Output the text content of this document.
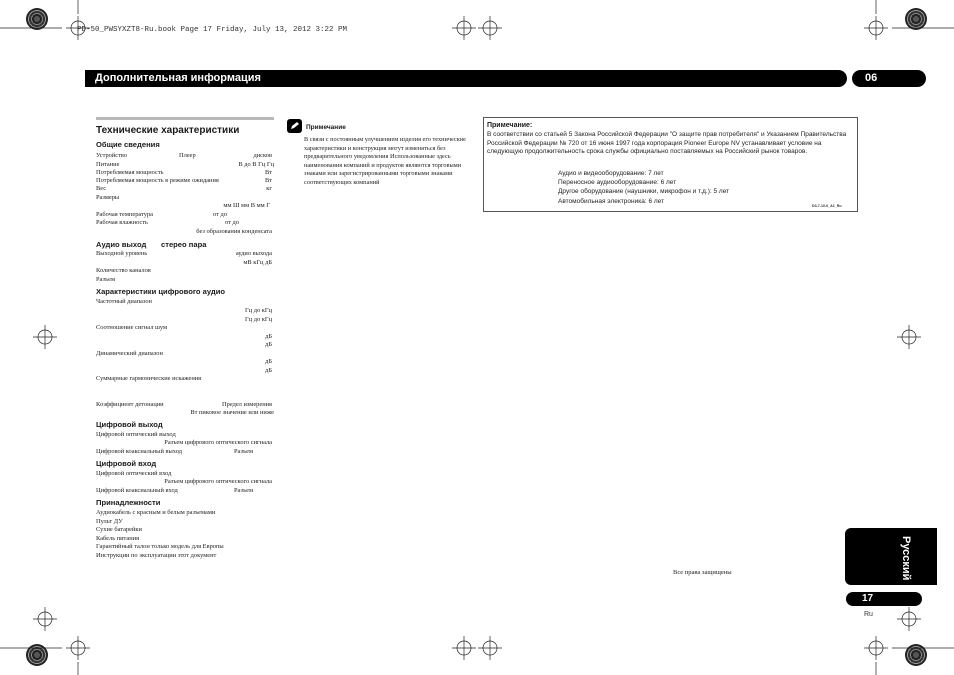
PD-50_PWSYXZT8-Ru.book Page 17 Friday, July 13, 2012 3:22 PM
Дополнительная информация	06
Технические характеристики
Общие сведения
Устройство	Плеер	дисков
Питание	В до В Гц Гц
Потребляемая мощность	Вт
Потребляемая мощность в режиме ожидания	Вт
Вес	кг
Размеры
мм Ш мм В мм Г
Рабочая температура	от до
Рабочая влажность	от до
без образования конденсата
Аудио выход стерео пара
Выходной уровень	аудио выхода
мВ кГц дБ
Количество каналов
Разъем
Характеристики цифрового аудио
Частотный диапазон
Гц до кГц
Гц до кГц
Соотношение сигнал шум
дБ
дБ
Динамический диапазон
дБ
дБ
Суммарные гармонические искажения
Коэффициент детонации	Предел измерения
Вт пиковое значение или ниже
Цифровой выход
Цифровой оптический выход
Разъем цифрового оптического сигнала
Цифровой коаксиальный выход	Разъем
Цифровой вход
Цифровой оптический вход
Разъем цифрового оптического сигнала
Цифровой коаксиальный вход	Разъем
Принадлежности
Аудиокабель с красным и белым разъемами
Пульт ДУ
Сухие батарейки
Кабель питания
Гарантийный талон только модель для Европы
Инструкции по эксплуатации этот документ
Примечание
В связи с постоянным улучшением изделия его технические характеристики и конструкция могут изменяться без предварительного уведомления Использованные здесь наименования компаний и продуктов являются торговыми знаками или зарегистрированными торговыми знаками соответствующих компаний
Примечание:
В соответствии со статьей 5 Закона Российской Федерации "О защите прав потребителя" и Указанием Правительства Российской Федерации № 720 от 16 июня 1997 года корпорация Pioneer Europe NV устанавливает условие на следующую продолжительность срока службы официально поставляемых на Российский рынок товаров.
Аудио и видеооборудование: 7 лет
Переносное аудиооборудование: 6 лет
Другое оборудование (наушники, микрофон и т.д.): 5 лет
Автомобильная электроника: 6 лет
D3-7-10-6_A1_Ru
Все права защищены	Русский
17
Ru
